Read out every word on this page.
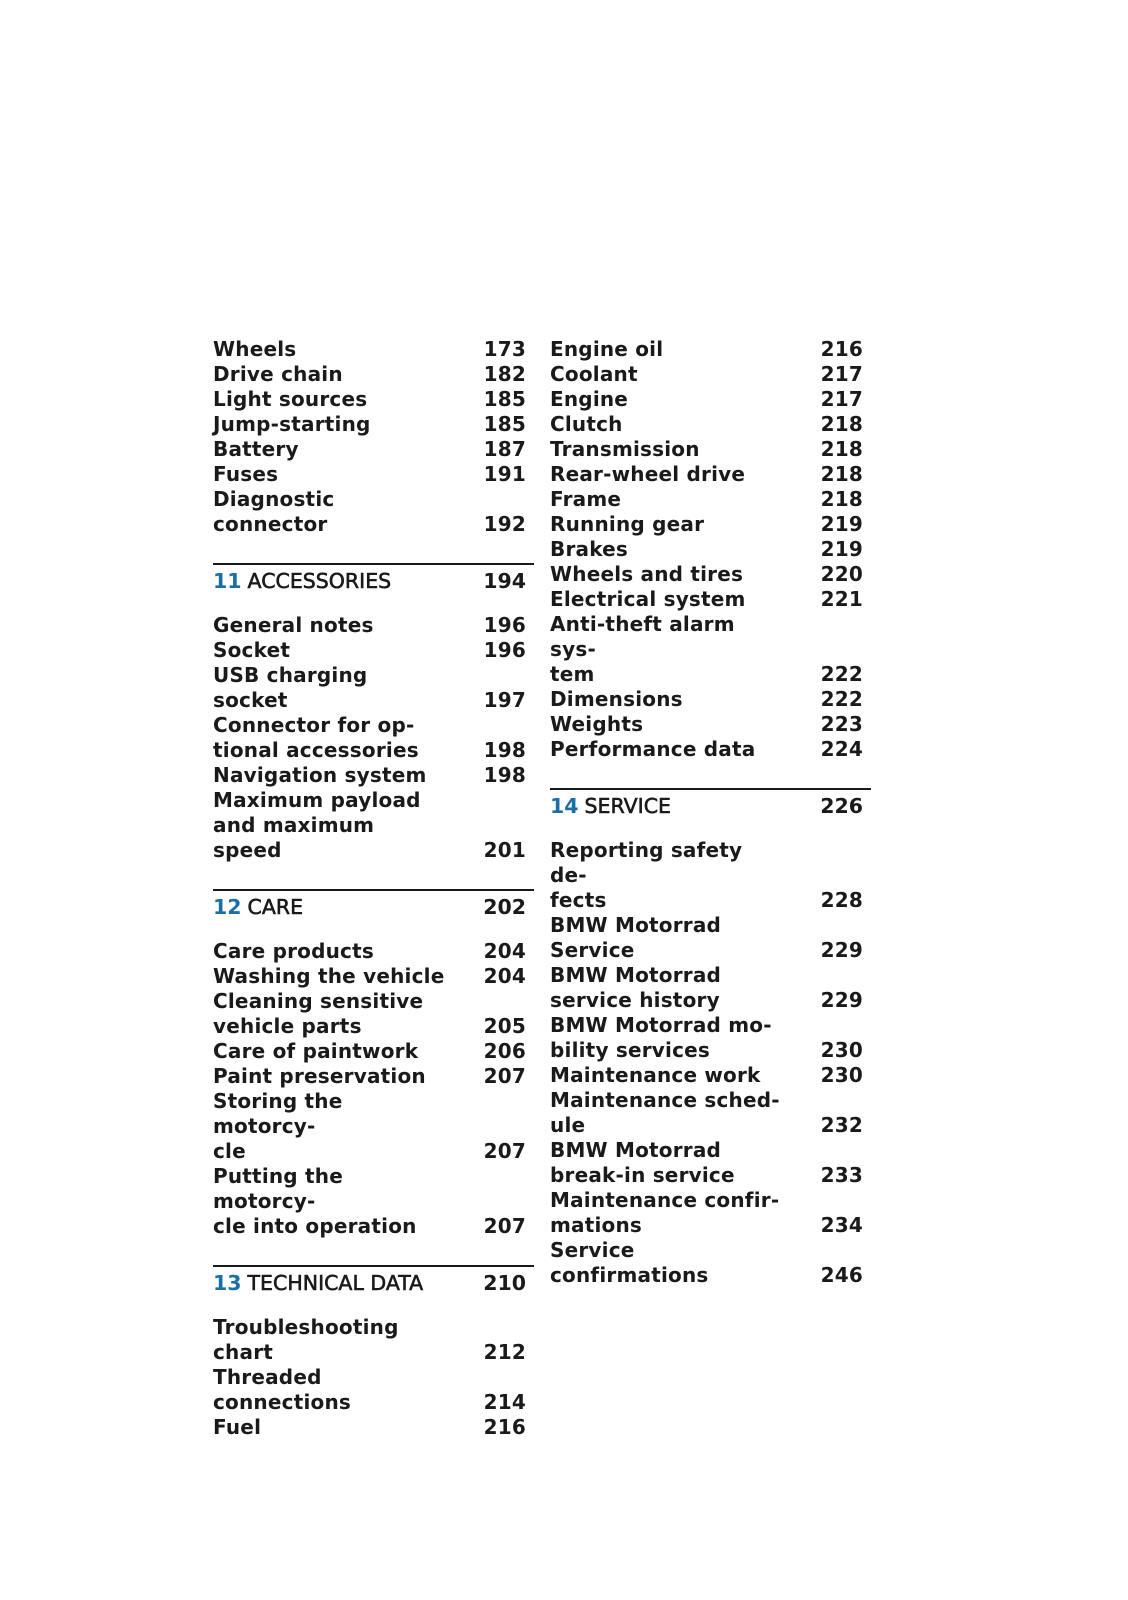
Wheels	173
Drive chain	182
Light sources	185
Jump-starting	185
Battery	187
Fuses	191
Diagnostic connector	192
11 ACCESSORIES	194
General notes	196
Socket	196
USB charging socket	197
Connector for op-
tional accessories	198
Navigation system	198
Maximum payload
and maximum speed	201
12 CARE	202
Care products	204
Washing the vehicle 204
Cleaning sensitive
vehicle parts	205
Care of paintwork	206
Paint preservation	207
Storing the motorcy-
cle	207
Putting the motorcy-
cle into operation	207
13 TECHNICAL DATA	210
Troubleshooting chart	212
Threaded connections	214
Fuel	216
Engine oil	216
Coolant	217
Engine	217
Clutch	218
Transmission	218
Rear-wheel drive	218
Frame	218
Running gear	219
Brakes	219
Wheels and tires	220
Electrical system	221
Anti-theft alarm sys-
tem	222
Dimensions	222
Weights	223
Performance data	224
14 SERVICE	226
Reporting safety de-
fects	228
BMW Motorrad
Service	229
BMW Motorrad
service history	229
BMW Motorrad mo-
bility services	230
Maintenance work	230
Maintenance sched-
ule	232
BMW Motorrad
break-in service	233
Maintenance confir-
mations	234
Service confirmations	246
